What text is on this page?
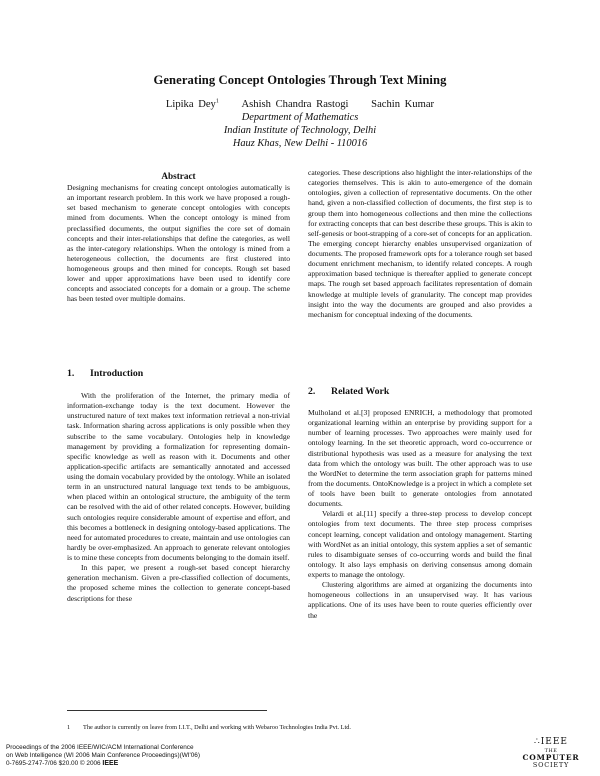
Generating Concept Ontologies Through Text Mining
Lipika Dey$^1$ Ashish Chandra Rastogi Sachin Kumar
Department of Mathematics
Indian Institute of Technology, Delhi
Hauz Khas, New Delhi - 110016
Abstract

Designing mechanisms for creating concept ontologies automatically is an important research problem. In this work we have proposed a rough-set based mechanism to generate concept ontologies with concepts mined from documents. When the concept ontology is mined from preclassified documents, the output signifies the core set of domain concepts and their inter-relationships that define the categories, as well as the inter-category relationships. When the ontology is mined from a heterogeneous collection, the documents are first clustered into homogeneous groups and then mined for concepts. Rough set based lower and upper approximations have been used to identify core concepts and associated concepts for a domain or a group. The scheme has been tested over multiple domains.

1. Introduction

With the proliferation of the Internet, the primary media of information-exchange today is the text document. However the unstructured nature of text makes text information retrieval a non-trivial task. Information sharing across applications is only possible when they subscribe to the same vocabulary. Ontologies help in knowledge management by providing a formalization for representing domain-specific knowledge as well as reason with it. Documents and other application-specific artifacts are semantically annotated and accessed using the domain vocabulary provided by the ontology. While an isolated term in an unstructured natural language text tends to be ambiguous, when placed within an ontological structure, the ambiguity of the term can be resolved with the aid of other related concepts. However, building such ontologies require considerable amount of expertise and effort, and this becomes a bottleneck in designing ontology-based applications. The need for automated procedures to create, maintain and use ontologies can hardly be over-emphasized. An approach to generate relevant ontologies is to mine these concepts from documents belonging to the domain itself.

In this paper, we present a rough-set based concept hierarchy generation mechanism. Given a pre-classified collection of documents, the proposed scheme mines the collection to generate concept-based descriptions for these

categories. These descriptions also highlight the inter-relationships of the categories themselves. This is akin to auto-emergence of the domain ontologies, given a collection of representative documents. On the other hand, given a non-classified collection of documents, the first step is to group them into homogeneous collections and then mine the collections for extracting concepts that can best describe these groups. This is akin to self-genesis or boot-strapping of a core-set of concepts for an application. The emerging concept hierarchy enables unsupervised organization of documents. The proposed framework opts for a tolerance rough set based document enrichment mechanism, to identify related concepts. A rough approximation based technique is thereafter applied to generate concept maps. The rough set based approach facilitates representation of domain knowledge at multiple levels of granularity. The concept map provides insight into the way the documents are grouped and also provides a mechanism for conceptual indexing of the documents.

2. Related Work

Mulholand et al.[3] proposed ENRICH, a methodology that promoted organizational learning within an enterprise by providing support for a number of learning processes. Two approaches were mainly used for ontology learning. In the set theoretic approach, word co-occurrence or distributional hypothesis was used as a measure for analysing the text data from which the ontology was built. The other approach was to use the WordNet to determine the term association graph for patterns mined from the documents. OntoKnowledge is a project in which a complete set of tools have been built to generate ontologies from annotated documents.

Velardi et al.[11] specify a three-step process to develop concept ontologies from text documents. The three step process comprises concept learning, concept validation and ontology management. Starting with WordNet as an initial ontology, this system applies a set of semantic rules to disambiguate senses of co-occurring words and build the final ontology. It also lays emphasis on deriving consensus among domain experts to manage the ontology.

Clustering algorithms are aimed at organizing the documents into homogeneous collections in an unsupervised way. It has various applications. One of its uses have been to route queries efficiently over the

1 The author is currently on leave from I.I.T., Delhi and working with Webaroo Technologies India Pvt. Ltd.
Proceedings of the 2006 IEEE/WIC/ACM International Conference
on Web Intelligence (WI 2006 Main Conference Proceedings)(WI'06)
0-7695-2747-7/06 $20.00 © 2006 IEEE
∴IEEE
THE
COMPUTER
SOCIETY
